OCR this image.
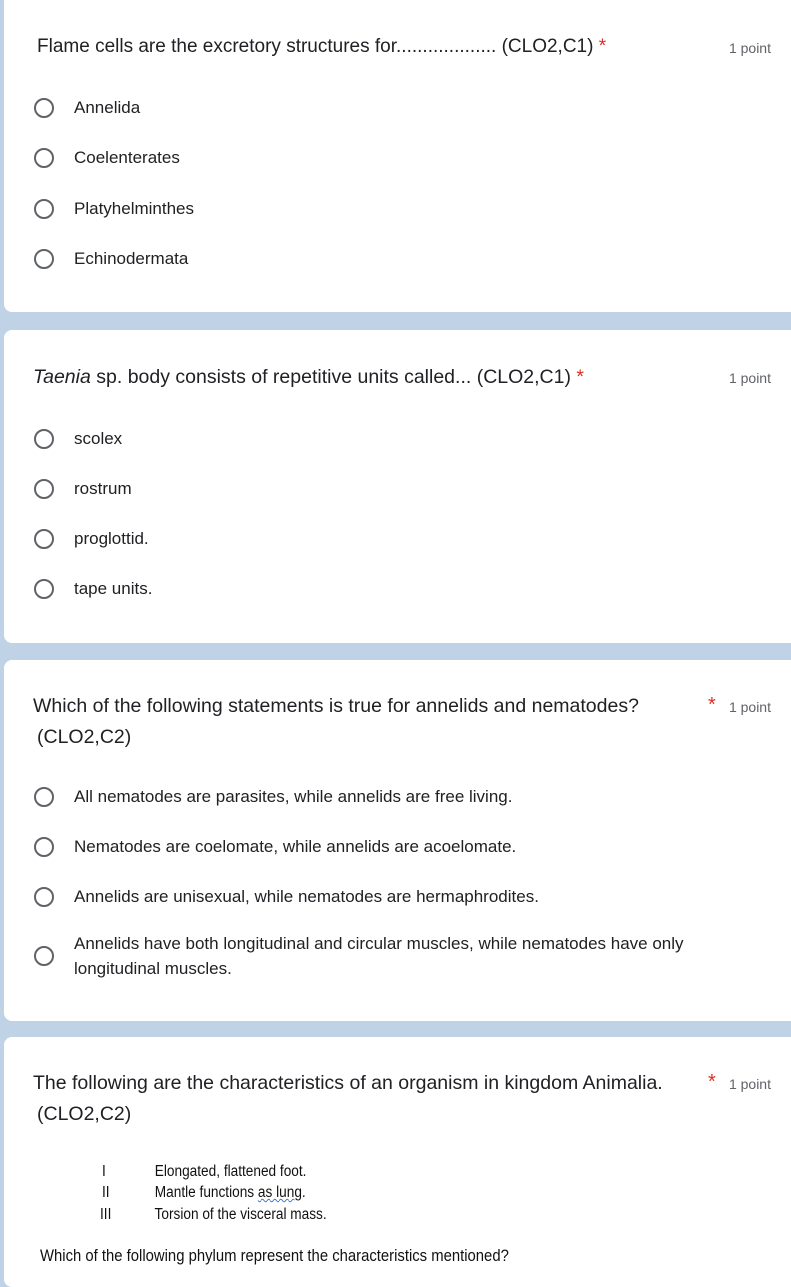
Flame cells are the excretory structures for................... (CLO2,C1) *	1 point
Annelida
Coelenterates
Platyhelminthes
Echinodermata
Taenia sp. body consists of repetitive units called... (CLO2,C1) *	1 point
scolex
rostrum
proglottid.
tape units.
Which of the following statements is true for annelids and nematodes?
(CLO2,C2)
* 1 point
All nematodes are parasites, while annelids are free living.
Nematodes are coelomate, while annelids are acoelomate.
Annelids are unisexual, while nematodes are hermaphrodites.
Annelids have both longitudinal and circular muscles, while nematodes have only
longitudinal muscles.
The following are the characteristics of an organism in kingdom Animalia.
(CLO2,C2)
* 1 point
I	Elongated, flattened foot.
II	Mantle functions as lung.
III	Torsion of the visceral mass.
Which of the following phylum represent the characteristics mentioned?
